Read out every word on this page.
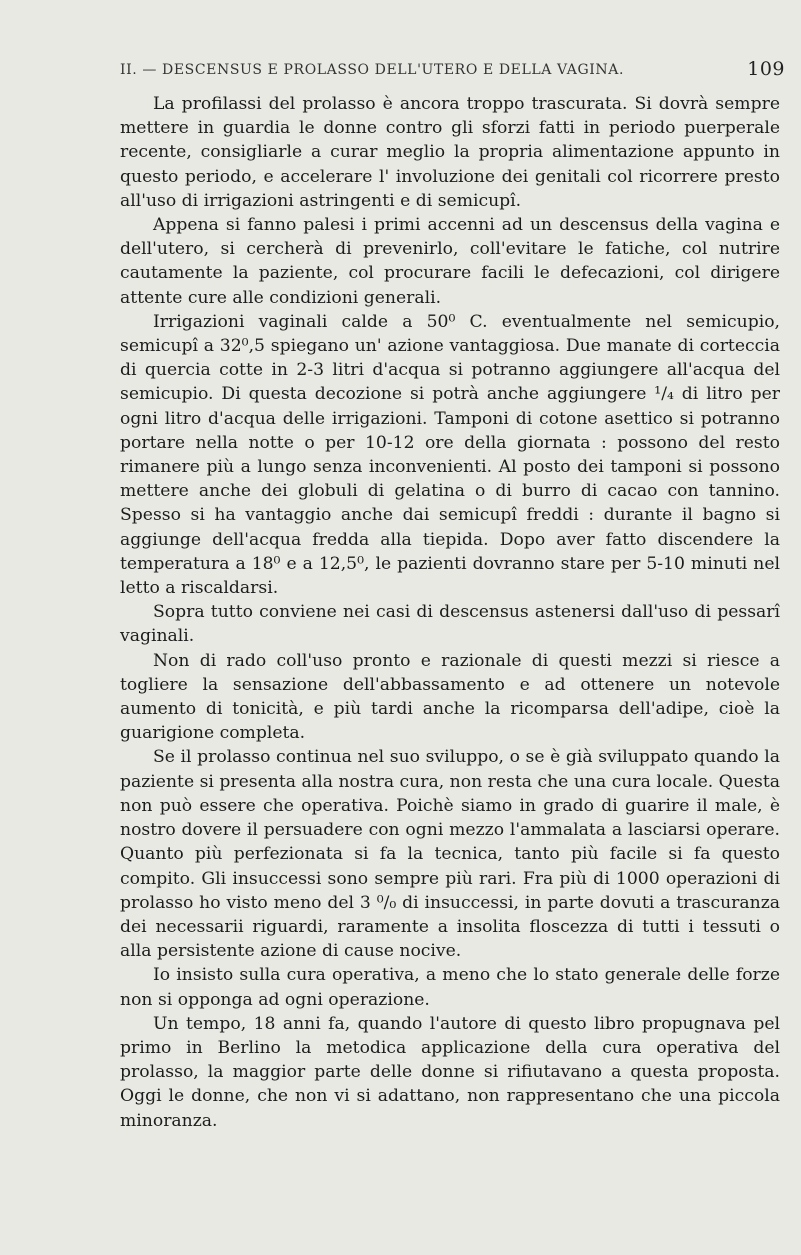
II. — DESCENSUS E PROLASSO DELL'UTERO E DELLA VAGINA.	109

La profilassi del prolasso è ancora troppo trascurata. Si dovrà sempre mettere in guardia le donne contro gli sforzi fatti in periodo puerperale recente, consigliarle a curar meglio la propria alimentazione appunto in questo periodo, e accelerare l' involuzione dei genitali col ricorrere presto all'uso di irrigazioni astringenti e di semicupî.

Appena si fanno palesi i primi accenni ad un descensus della vagina e dell'utero, si cercherà di prevenirlo, coll'evitare le fatiche, col nutrire cautamente la paziente, col procurare facili le defecazioni, col dirigere attente cure alle condizioni generali.

Irrigazioni vaginali calde a 50⁰ C. eventualmente nel semicupio, semicupî a 32⁰,5 spiegano un' azione vantaggiosa. Due manate di corteccia di quercia cotte in 2-3 litri d'acqua si potranno aggiungere all'acqua del semicupio. Di questa decozione si potrà anche aggiungere ¹/₄ di litro per ogni litro d'acqua delle irrigazioni. Tamponi di cotone asettico si potranno portare nella notte o per 10-12 ore della giornata : possono del resto rimanere più a lungo senza inconvenienti. Al posto dei tamponi si possono mettere anche dei globuli di gelatina o di burro di cacao con tannino. Spesso si ha vantaggio anche dai semicupî freddi : durante il bagno si aggiunge dell'acqua fredda alla tiepida. Dopo aver fatto discendere la temperatura a 18⁰ e a 12,5⁰, le pazienti dovranno stare per 5-10 minuti nel letto a riscaldarsi.

Sopra tutto conviene nei casi di descensus astenersi dall'uso di pessarî vaginali.

Non di rado coll'uso pronto e razionale di questi mezzi si riesce a togliere la sensazione dell'abbassamento e ad ottenere un notevole aumento di tonicità, e più tardi anche la ricomparsa dell'adipe, cioè la guarigione completa.

Se il prolasso continua nel suo sviluppo, o se è già sviluppato quando la paziente si presenta alla nostra cura, non resta che una cura locale. Questa non può essere che operativa. Poichè siamo in grado di guarire il male, è nostro dovere il persuadere con ogni mezzo l'ammalata a lasciarsi operare. Quanto più perfezionata si fa la tecnica, tanto più facile si fa questo compito. Gli insuccessi sono sempre più rari. Fra più di 1000 operazioni di prolasso ho visto meno del 3 ⁰/₀ di insuccessi, in parte dovuti a trascuranza dei necessarii riguardi, raramente a insolita floscezza di tutti i tessuti o alla persistente azione di cause nocive.

Io insisto sulla cura operativa, a meno che lo stato generale delle forze non si opponga ad ogni operazione.

Un tempo, 18 anni fa, quando l'autore di questo libro propugnava pel primo in Berlino la metodica applicazione della cura operativa del prolasso, la maggior parte delle donne si rifiutavano a questa proposta. Oggi le donne, che non vi si adattano, non rappresentano che una piccola minoranza.
